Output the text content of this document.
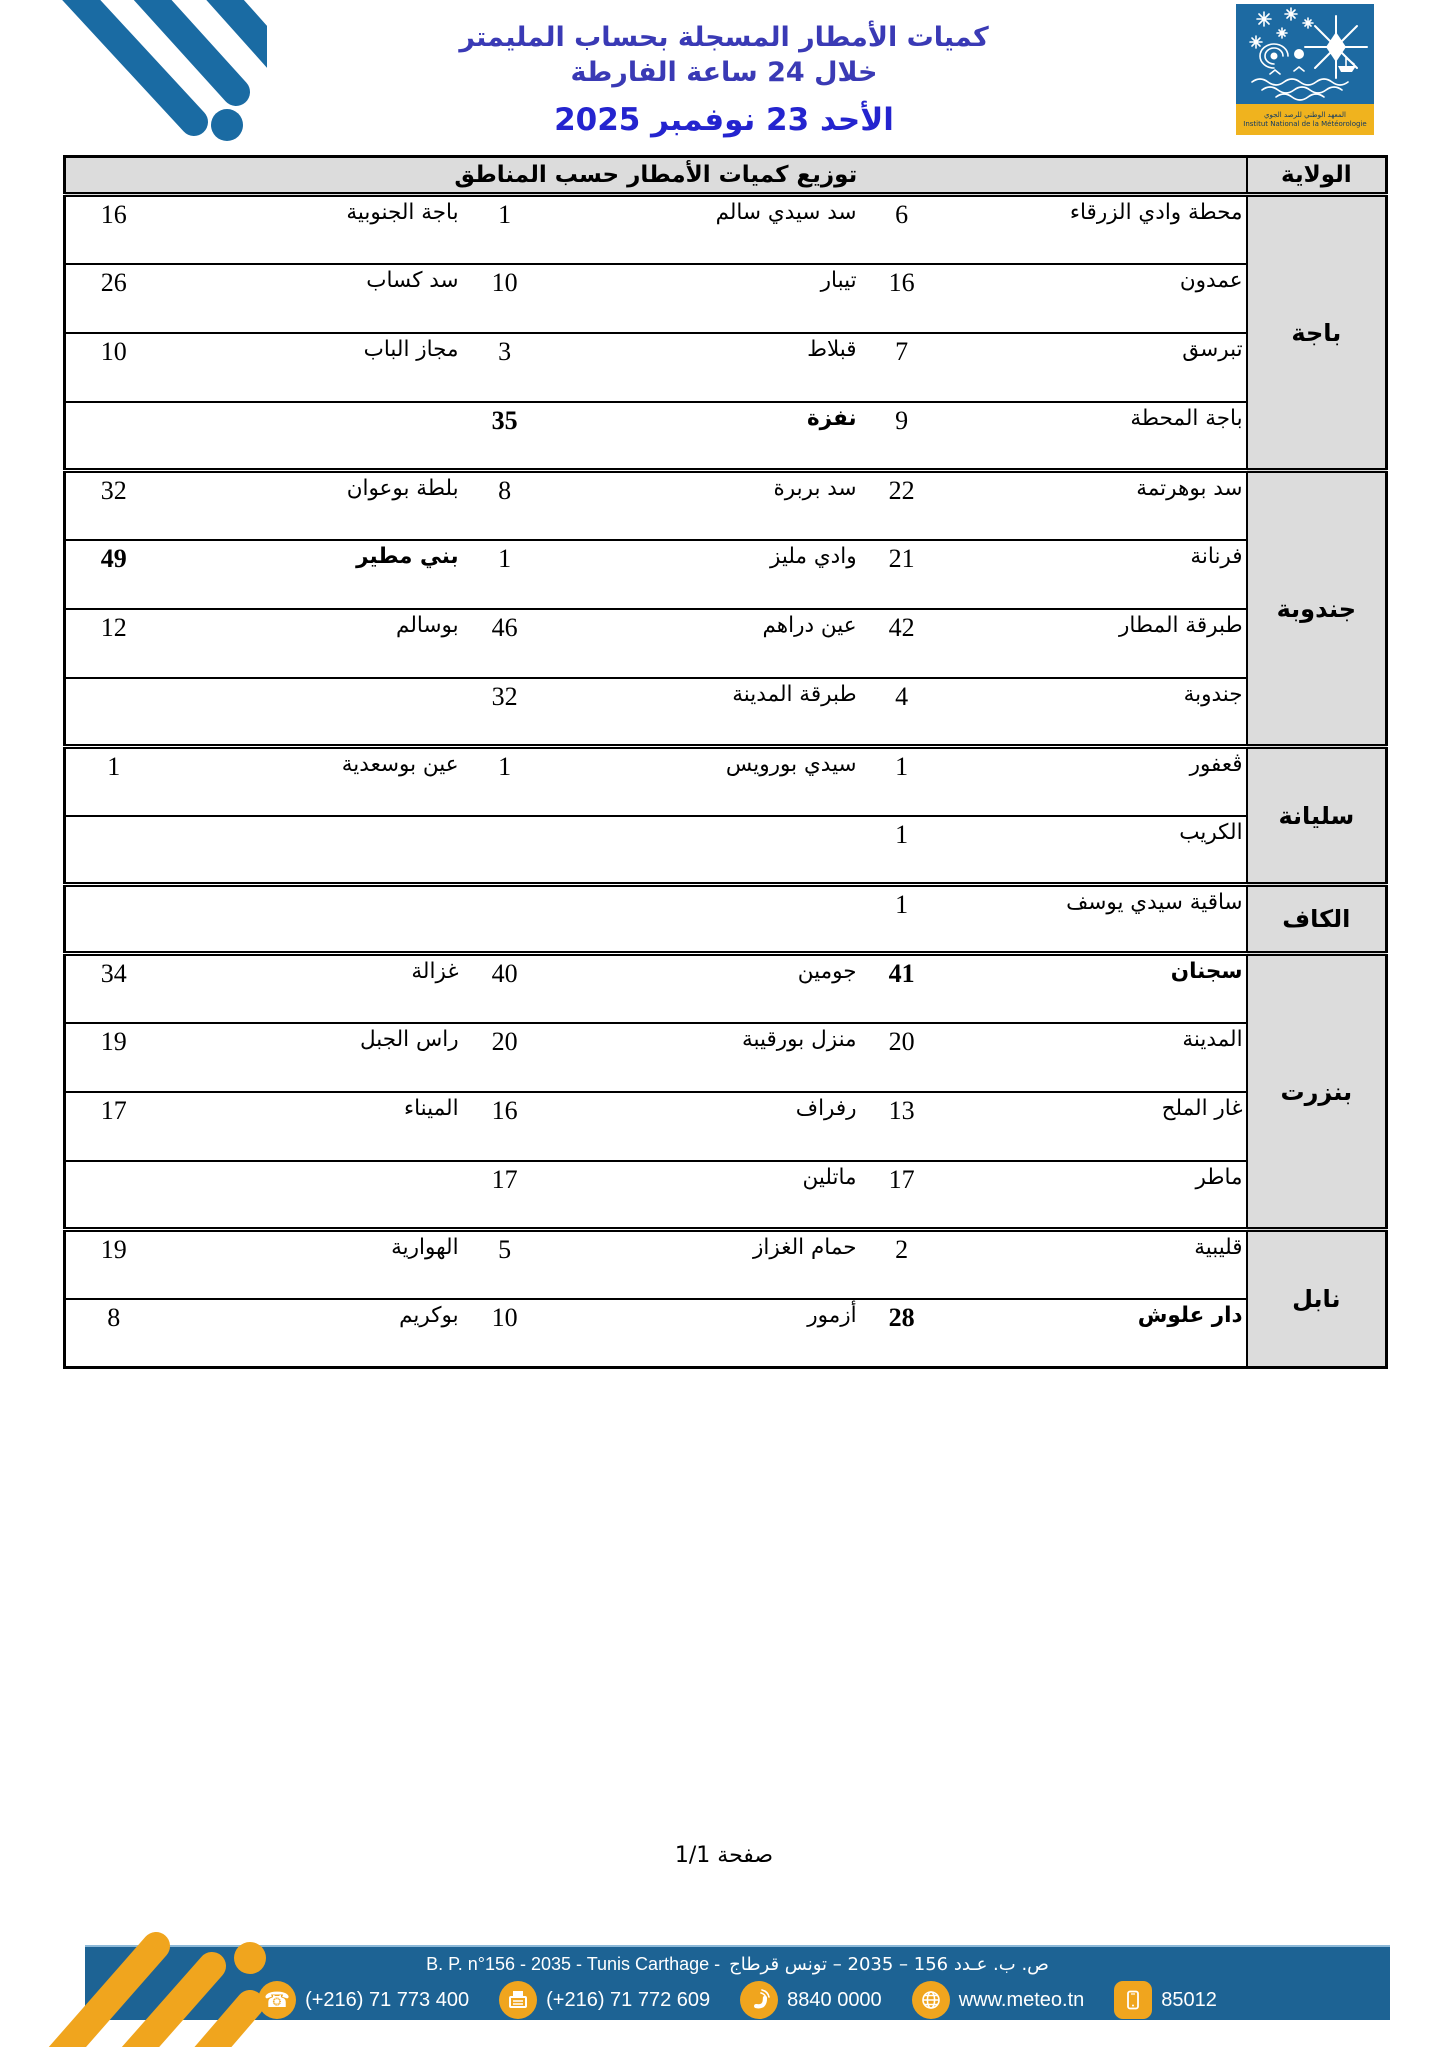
كميات الأمطار المسجلة بحساب المليمتر
خلال 24 ساعة الفارطة
الأحد 23 نوفمبر 2025	المعهد الوطني للرصد الجوي
Institut National de la Météorologie
الولاية	توزيع كميات الأمطار حسب المناطق					
باجة	محطة وادي الزرقاء	6	سد سيدي سالم	1	باجة الجنوبية	16
	عمدون	16	تيبار	10	سد كساب	26
	تبرسق	7	قبلاط	3	مجاز الباب	10
	باجة المحطة	9	نفزة	35		
جندوبة	سد بوهرتمة	22	سد بربرة	8	بلطة بوعوان	32
	فرنانة	21	وادي مليز	1	بني مطير	49
	طبرقة المطار	42	عين دراهم	46	بوسالم	12
	جندوبة	4	طبرقة المدينة	32		
سليانة	ڤعفور	1	سيدي بورويس	1	عين بوسعدية	1
	الكريب	1				
الكاف	ساقية سيدي يوسف	1				
بنزرت	سجنان	41	جومين	40	غزالة	34
	المدينة	20	منزل بورقيبة	20	راس الجبل	19
	غار الملح	13	رفراف	16	الميناء	17
	ماطر	17	ماتلين	17		
نابل	قليبية	2	حمام الغزاز	5	الهوارية	19
	دار علوش	28	أزمور	10	بوكريم	8
صفحة 1/1
B. P. n°156 - 2035 - Tunis Carthage - ص. ب. عـدد 156 – 2035 – تونس قرطاج
☎ (+216) 71 773 400	(+216) 71 772 609	8840 0000	www.meteo.tn	85012
